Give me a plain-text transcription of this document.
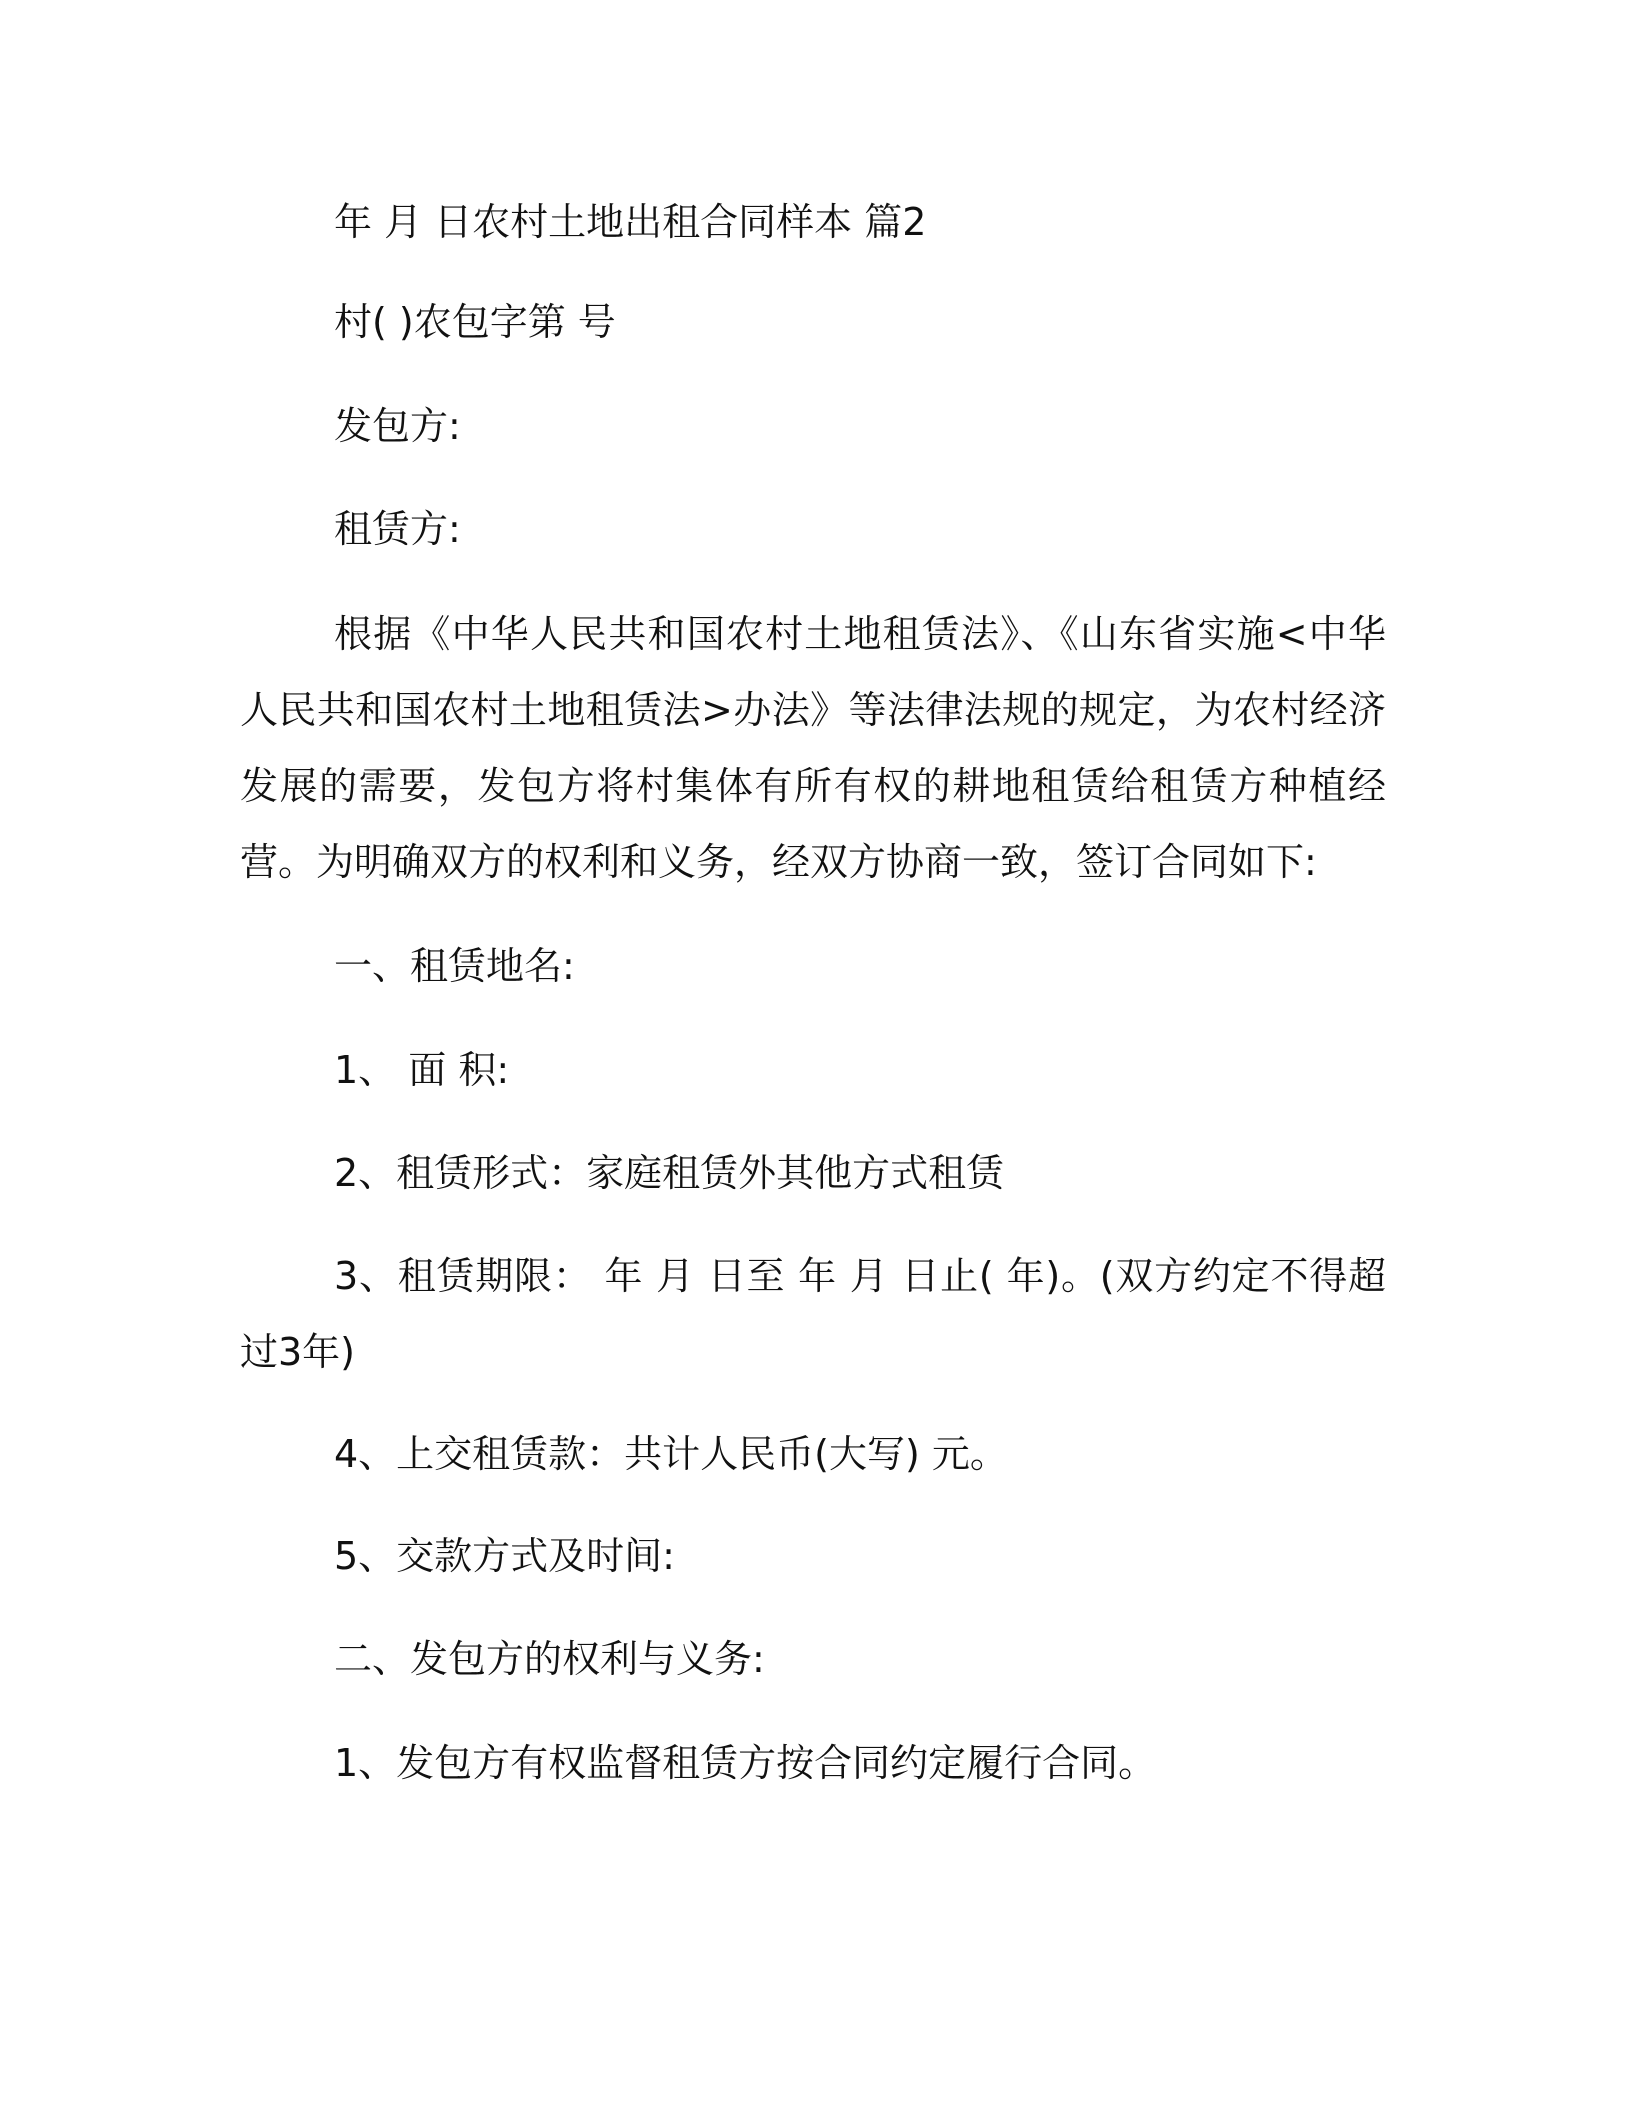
年 月 日农村土地出租合同样本 篇2
村( )农包字第 号
发包方:
租赁方:
根据《中华人民共和国农村土地租赁法》、《山东省实施<中华人民共和国农村土地租赁法>办法》等法律法规的规定，为农村经济发展的需要，发包方将村集体有所有权的耕地租赁给租赁方种植经营。为明确双方的权利和义务，经双方协商一致，签订合同如下:
一、租赁地名:
1、 面 积:
2、租赁形式：家庭租赁外其他方式租赁
3、租赁期限： 年 月 日至 年 月 日止( 年)。(双方约定不得超过3年)
4、上交租赁款：共计人民币(大写) 元。
5、交款方式及时间:
二、发包方的权利与义务:
1、发包方有权监督租赁方按合同约定履行合同。
